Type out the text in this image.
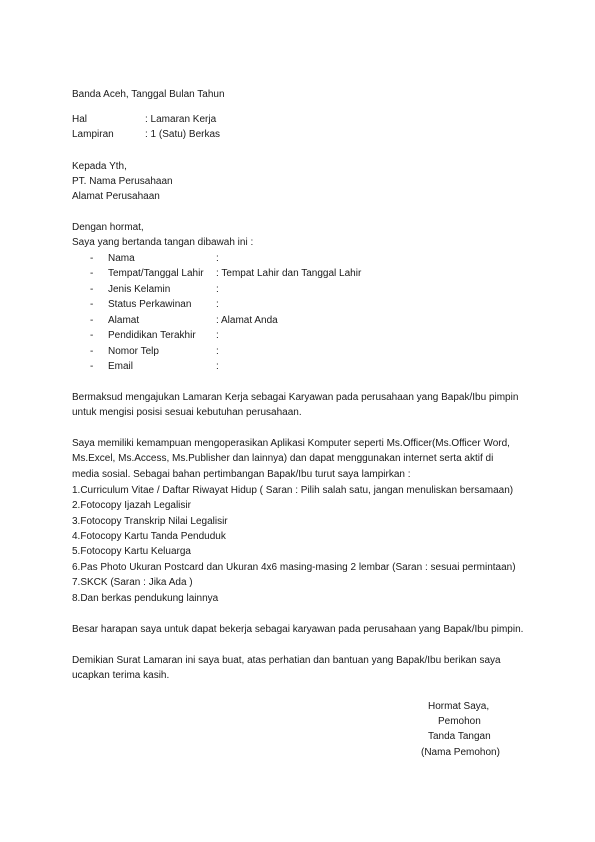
Banda Aceh, Tanggal Bulan Tahun
Hal	: Lamaran Kerja
Lampiran	: 1 (Satu) Berkas
Kepada Yth,
PT. Nama Perusahaan
Alamat Perusahaan
Dengan hormat,
Saya yang bertanda tangan dibawah ini :
- Nama	:
- Tempat/Tanggal Lahir : Tempat Lahir dan Tanggal Lahir
- Jenis Kelamin	:
- Status Perkawinan :
- Alamat	: Alamat Anda
- Pendidikan Terakhir :
- Nomor Telp	:
- Email	:
Bermaksud mengajukan Lamaran Kerja sebagai Karyawan pada perusahaan yang Bapak/Ibu pimpin
untuk mengisi posisi sesuai kebutuhan perusahaan.
Saya memiliki kemampuan mengoperasikan Aplikasi Komputer seperti Ms.Officer(Ms.Officer Word,
Ms.Excel, Ms.Access, Ms.Publisher dan lainnya) dan dapat menggunakan internet serta aktif di
media sosial. Sebagai bahan pertimbangan Bapak/Ibu turut saya lampirkan :
1.Curriculum Vitae / Daftar Riwayat Hidup ( Saran : Pilih salah satu, jangan menuliskan bersamaan)
2.Fotocopy Ijazah Legalisir
3.Fotocopy Transkrip Nilai Legalisir
4.Fotocopy Kartu Tanda Penduduk
5.Fotocopy Kartu Keluarga
6.Pas Photo Ukuran Postcard dan Ukuran 4x6 masing-masing 2 lembar (Saran : sesuai permintaan)
7.SKCK (Saran : Jika Ada )
8.Dan berkas pendukung lainnya
Besar harapan saya untuk dapat bekerja sebagai karyawan pada perusahaan yang Bapak/Ibu pimpin.
Demikian Surat Lamaran ini saya buat, atas perhatian dan bantuan yang Bapak/Ibu berikan saya
ucapkan terima kasih.
Hormat Saya,
Pemohon
Tanda Tangan
(Nama Pemohon)
